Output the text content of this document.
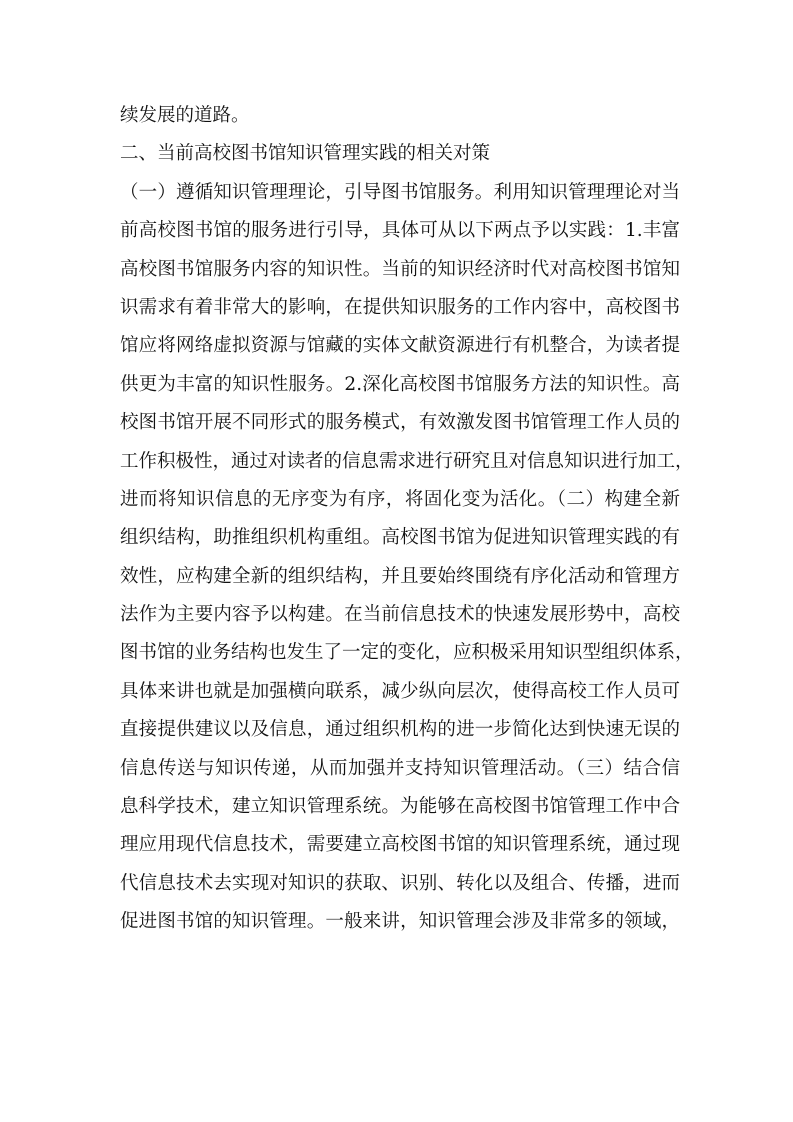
续发展的道路。
二、当前高校图书馆知识管理实践的相关对策
（一）遵循知识管理理论，引导图书馆服务。利用知识管理理论对当
前高校图书馆的服务进行引导，具体可从以下两点予以实践：1.丰富
高校图书馆服务内容的知识性。当前的知识经济时代对高校图书馆知
识需求有着非常大的影响，在提供知识服务的工作内容中，高校图书
馆应将网络虚拟资源与馆藏的实体文献资源进行有机整合，为读者提
供更为丰富的知识性服务。2.深化高校图书馆服务方法的知识性。高
校图书馆开展不同形式的服务模式，有效激发图书馆管理工作人员的
工作积极性，通过对读者的信息需求进行研究且对信息知识进行加工，
进而将知识信息的无序变为有序，将固化变为活化。（二）构建全新
组织结构，助推组织机构重组。高校图书馆为促进知识管理实践的有
效性，应构建全新的组织结构，并且要始终围绕有序化活动和管理方
法作为主要内容予以构建。在当前信息技术的快速发展形势中，高校
图书馆的业务结构也发生了一定的变化，应积极采用知识型组织体系，
具体来讲也就是加强横向联系，减少纵向层次，使得高校工作人员可
直接提供建议以及信息，通过组织机构的进一步简化达到快速无误的
信息传送与知识传递，从而加强并支持知识管理活动。（三）结合信
息科学技术，建立知识管理系统。为能够在高校图书馆管理工作中合
理应用现代信息技术，需要建立高校图书馆的知识管理系统，通过现
代信息技术去实现对知识的获取、识别、转化以及组合、传播，进而
促进图书馆的知识管理。一般来讲，知识管理会涉及非常多的领域，
